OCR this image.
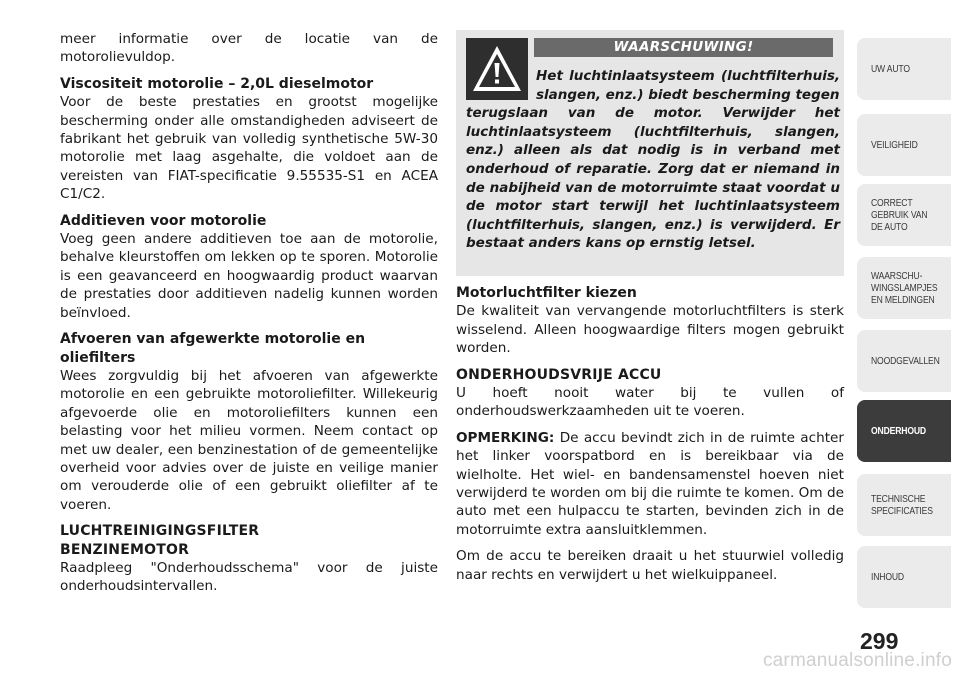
meer informatie over de locatie van de motorolievuldop.

Viscositeit motorolie – 2,0L dieselmotor

Voor de beste prestaties en grootst mogelijke bescherming onder alle omstandigheden adviseert de fabrikant het gebruik van volledig synthetische 5W-30 motorolie met laag asgehalte, die voldoet aan de vereisten van FIAT-specificatie 9.55535-S1 en ACEA C1/C2.

Additieven voor motorolie

Voeg geen andere additieven toe aan de motorolie, behalve kleurstoffen om lekken op te sporen. Motorolie is een geavanceerd en hoogwaardig product waarvan de prestaties door additieven nadelig kunnen worden beïnvloed.

Afvoeren van afgewerkte motorolie en oliefilters

Wees zorgvuldig bij het afvoeren van afgewerkte motorolie en een gebruikte motoroliefilter. Willekeurig afgevoerde olie en motoroliefilters kunnen een belasting voor het milieu vormen. Neem contact op met uw dealer, een benzinestation of de gemeentelijke overheid voor advies over de juiste en veilige manier om verouderde olie of een gebruikt oliefilter af te voeren.

LUCHTREINIGINGSFILTER

BENZINEMOTOR

Raadpleeg "Onderhoudsschema" voor de juiste onderhoudsintervallen.

WAARSCHUWING!
Het luchtinlaatsysteem (luchtfilterhuis, slangen, enz.) biedt bescherming tegen
terugslaan van de motor. Verwijder het luchtinlaatsysteem (luchtfilterhuis, slangen, enz.) alleen als dat nodig is in verband met onderhoud of reparatie. Zorg dat er niemand in de nabijheid van de motorruimte staat voordat u de motor start terwijl het luchtinlaatsysteem (luchtfilterhuis, slangen, enz.) is verwijderd. Er bestaat anders kans op ernstig letsel.

Motorluchtfilter kiezen

De kwaliteit van vervangende motorluchtfilters is sterk wisselend. Alleen hoogwaardige filters mogen gebruikt worden.

ONDERHOUDSVRIJE ACCU

U hoeft nooit water bij te vullen of onderhoudswerkzaamheden uit te voeren.

OPMERKING: De accu bevindt zich in de ruimte achter het linker voorspatbord en is bereikbaar via de wielholte. Het wiel- en bandensamenstel hoeven niet verwijderd te worden om bij die ruimte te komen. Om de auto met een hulpaccu te starten, bevinden zich in de motorruimte extra aansluitklemmen.

Om de accu te bereiken draait u het stuurwiel volledig naar rechts en verwijdert u het wielkuippaneel.

UW AUTO
VEILIGHEID
CORRECT GEBRUIK VAN DE AUTO
WAARSCHU-WINGSLAMPJES EN MELDINGEN
NOODGEVALLEN
ONDERHOUD
TECHNISCHE SPECIFICATIES
INHOUD
299
carmanualsonline.info
